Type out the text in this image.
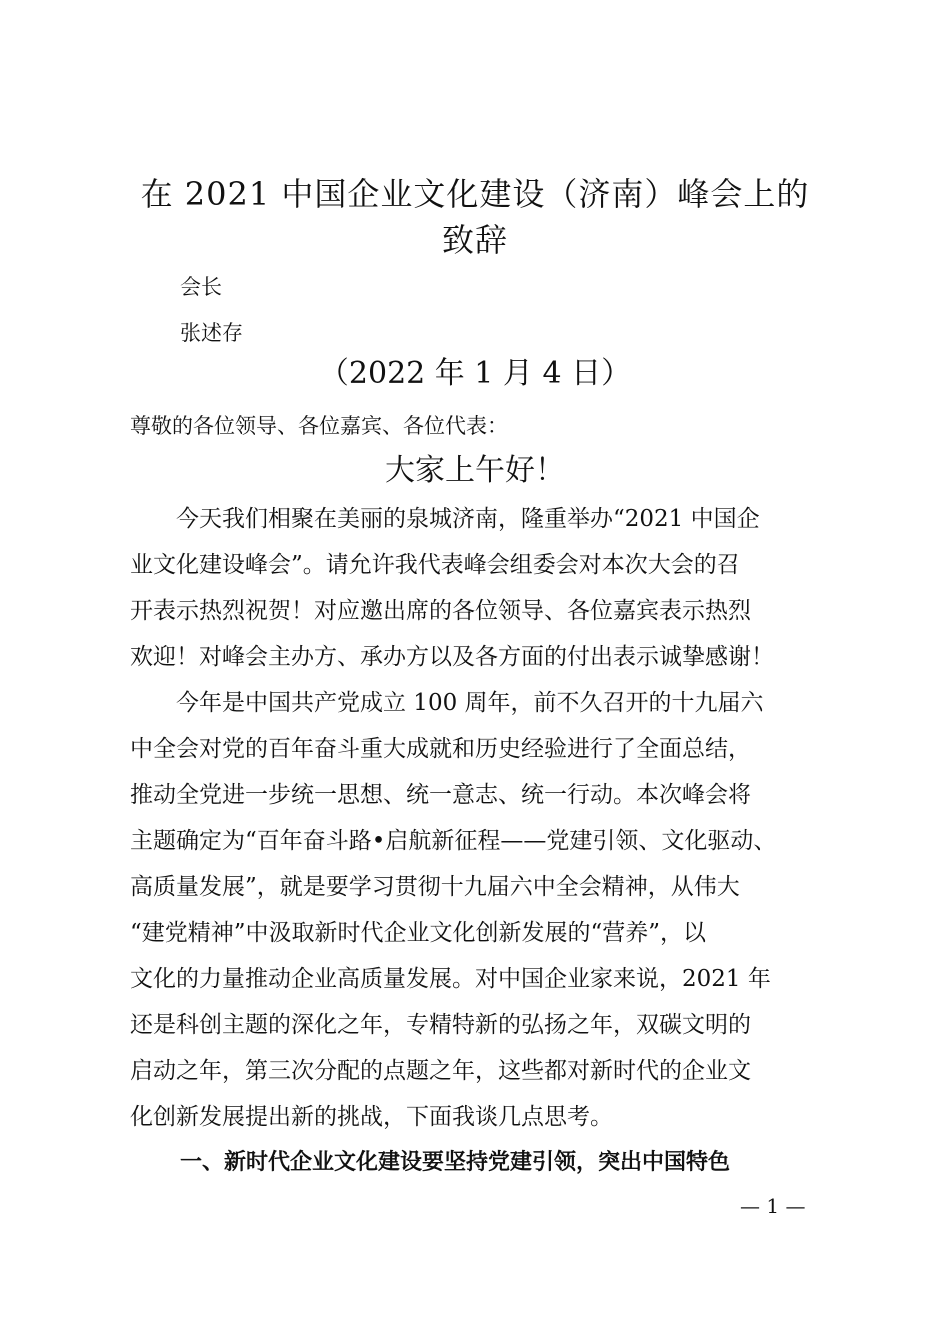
在 2021 中国企业文化建设（济南）峰会上的
致辞
会长
张述存
（2022 年 1 月 4 日）
尊敬的各位领导、各位嘉宾、各位代表：
大家上午好！
　　今天我们相聚在美丽的泉城济南，隆重举办“2021 中国企
业文化建设峰会”。请允许我代表峰会组委会对本次大会的召
开表示热烈祝贺！对应邀出席的各位领导、各位嘉宾表示热烈
欢迎！对峰会主办方、承办方以及各方面的付出表示诚挚感谢！
　　今年是中国共产党成立 100 周年，前不久召开的十九届六
中全会对党的百年奋斗重大成就和历史经验进行了全面总结，
推动全党进一步统一思想、统一意志、统一行动。本次峰会将
主题确定为“百年奋斗路•启航新征程——党建引领、文化驱动、
高质量发展”，就是要学习贯彻十九届六中全会精神，从伟大
“建党精神”中汲取新时代企业文化创新发展的“营养”，以
文化的力量推动企业高质量发展。对中国企业家来说，2021 年
还是科创主题的深化之年，专精特新的弘扬之年，双碳文明的
启动之年，第三次分配的点题之年，这些都对新时代的企业文
化创新发展提出新的挑战，下面我谈几点思考。
一、新时代企业文化建设要坚持党建引领，突出中国特色
— 1 —
